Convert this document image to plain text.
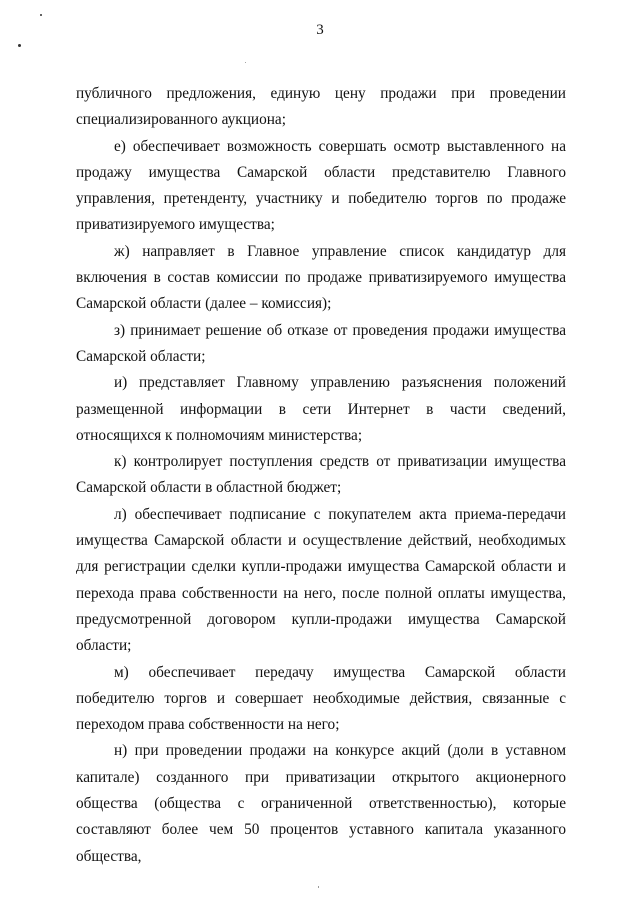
3

публичного предложения, единую цену продажи при проведении специализированного аукциона;

е) обеспечивает возможность совершать осмотр выставленного на продажу имущества Самарской области представителю Главного управления, претенденту, участнику и победителю торгов по продаже приватизируемого имущества;

ж) направляет в Главное управление список кандидатур для включения в состав комиссии по продаже приватизируемого имущества Самарской области (далее – комиссия);

з) принимает решение об отказе от проведения продажи имущества Самарской области;

и) представляет Главному управлению разъяснения положений размещенной информации в сети Интернет в части сведений, относящихся к полномочиям министерства;

к) контролирует поступления средств от приватизации имущества Самарской области в областной бюджет;

л) обеспечивает подписание с покупателем акта приема-передачи имущества Самарской области и осуществление действий, необходимых для регистрации сделки купли-продажи имущества Самарской области и перехода права собственности на него, после полной оплаты имущества, предусмотренной договором купли-продажи имущества Самарской области;

м) обеспечивает передачу имущества Самарской области победителю торгов и совершает необходимые действия, связанные с переходом права собственности на него;

н) при проведении продажи на конкурсе акций (доли в уставном капитале) созданного при приватизации открытого акционерного общества (общества с ограниченной ответственностью), которые составляют более чем 50 процентов уставного капитала указанного общества,
